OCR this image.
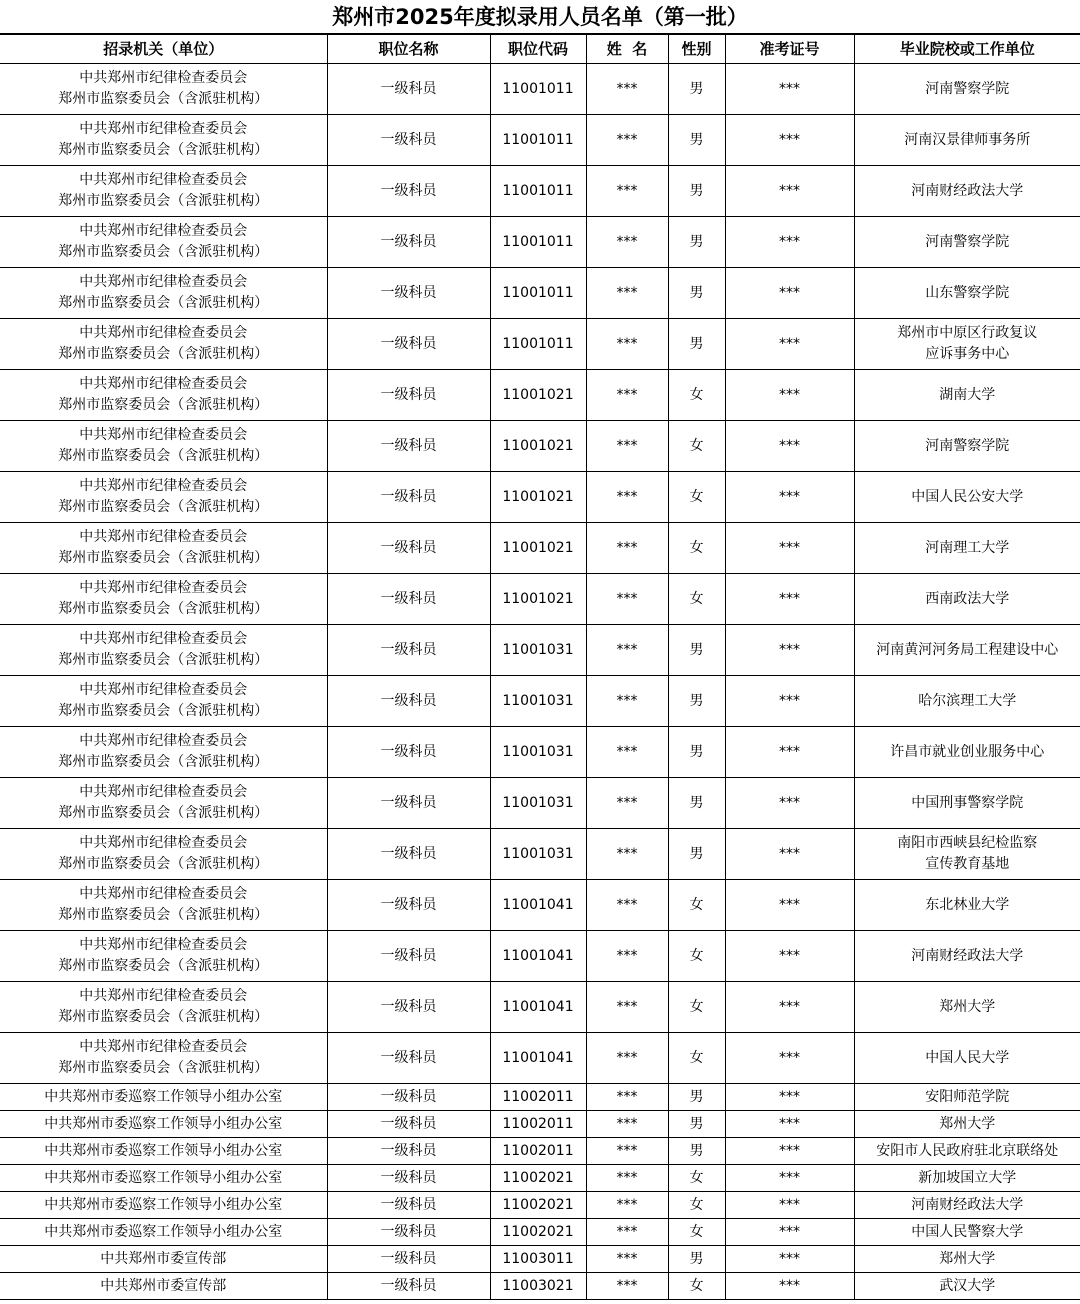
郑州市2025年度拟录用人员名单（第一批）
招录机关（单位）	职位名称	职位代码	姓  名	性别	准考证号	毕业院校或工作单位
中共郑州市纪律检查委员会
郑州市监察委员会（含派驻机构）	一级科员	11001011	***	男	***	河南警察学院
中共郑州市纪律检查委员会
郑州市监察委员会（含派驻机构）	一级科员	11001011	***	男	***	河南汉景律师事务所
中共郑州市纪律检查委员会
郑州市监察委员会（含派驻机构）	一级科员	11001011	***	男	***	河南财经政法大学
中共郑州市纪律检查委员会
郑州市监察委员会（含派驻机构）	一级科员	11001011	***	男	***	河南警察学院
中共郑州市纪律检查委员会
郑州市监察委员会（含派驻机构）	一级科员	11001011	***	男	***	山东警察学院
中共郑州市纪律检查委员会
郑州市监察委员会（含派驻机构）	一级科员	11001011	***	男	***	郑州市中原区行政复议
应诉事务中心
中共郑州市纪律检查委员会
郑州市监察委员会（含派驻机构）	一级科员	11001021	***	女	***	湖南大学
中共郑州市纪律检查委员会
郑州市监察委员会（含派驻机构）	一级科员	11001021	***	女	***	河南警察学院
中共郑州市纪律检查委员会
郑州市监察委员会（含派驻机构）	一级科员	11001021	***	女	***	中国人民公安大学
中共郑州市纪律检查委员会
郑州市监察委员会（含派驻机构）	一级科员	11001021	***	女	***	河南理工大学
中共郑州市纪律检查委员会
郑州市监察委员会（含派驻机构）	一级科员	11001021	***	女	***	西南政法大学
中共郑州市纪律检查委员会
郑州市监察委员会（含派驻机构）	一级科员	11001031	***	男	***	河南黄河河务局工程建设中心
中共郑州市纪律检查委员会
郑州市监察委员会（含派驻机构）	一级科员	11001031	***	男	***	哈尔滨理工大学
中共郑州市纪律检查委员会
郑州市监察委员会（含派驻机构）	一级科员	11001031	***	男	***	许昌市就业创业服务中心
中共郑州市纪律检查委员会
郑州市监察委员会（含派驻机构）	一级科员	11001031	***	男	***	中国刑事警察学院
中共郑州市纪律检查委员会
郑州市监察委员会（含派驻机构）	一级科员	11001031	***	男	***	南阳市西峡县纪检监察
宣传教育基地
中共郑州市纪律检查委员会
郑州市监察委员会（含派驻机构）	一级科员	11001041	***	女	***	东北林业大学
中共郑州市纪律检查委员会
郑州市监察委员会（含派驻机构）	一级科员	11001041	***	女	***	河南财经政法大学
中共郑州市纪律检查委员会
郑州市监察委员会（含派驻机构）	一级科员	11001041	***	女	***	郑州大学
中共郑州市纪律检查委员会
郑州市监察委员会（含派驻机构）	一级科员	11001041	***	女	***	中国人民大学
中共郑州市委巡察工作领导小组办公室	一级科员	11002011	***	男	***	安阳师范学院
中共郑州市委巡察工作领导小组办公室	一级科员	11002011	***	男	***	郑州大学
中共郑州市委巡察工作领导小组办公室	一级科员	11002011	***	男	***	安阳市人民政府驻北京联络处
中共郑州市委巡察工作领导小组办公室	一级科员	11002021	***	女	***	新加坡国立大学
中共郑州市委巡察工作领导小组办公室	一级科员	11002021	***	女	***	河南财经政法大学
中共郑州市委巡察工作领导小组办公室	一级科员	11002021	***	女	***	中国人民警察大学
中共郑州市委宣传部	一级科员	11003011	***	男	***	郑州大学
中共郑州市委宣传部	一级科员	11003021	***	女	***	武汉大学
